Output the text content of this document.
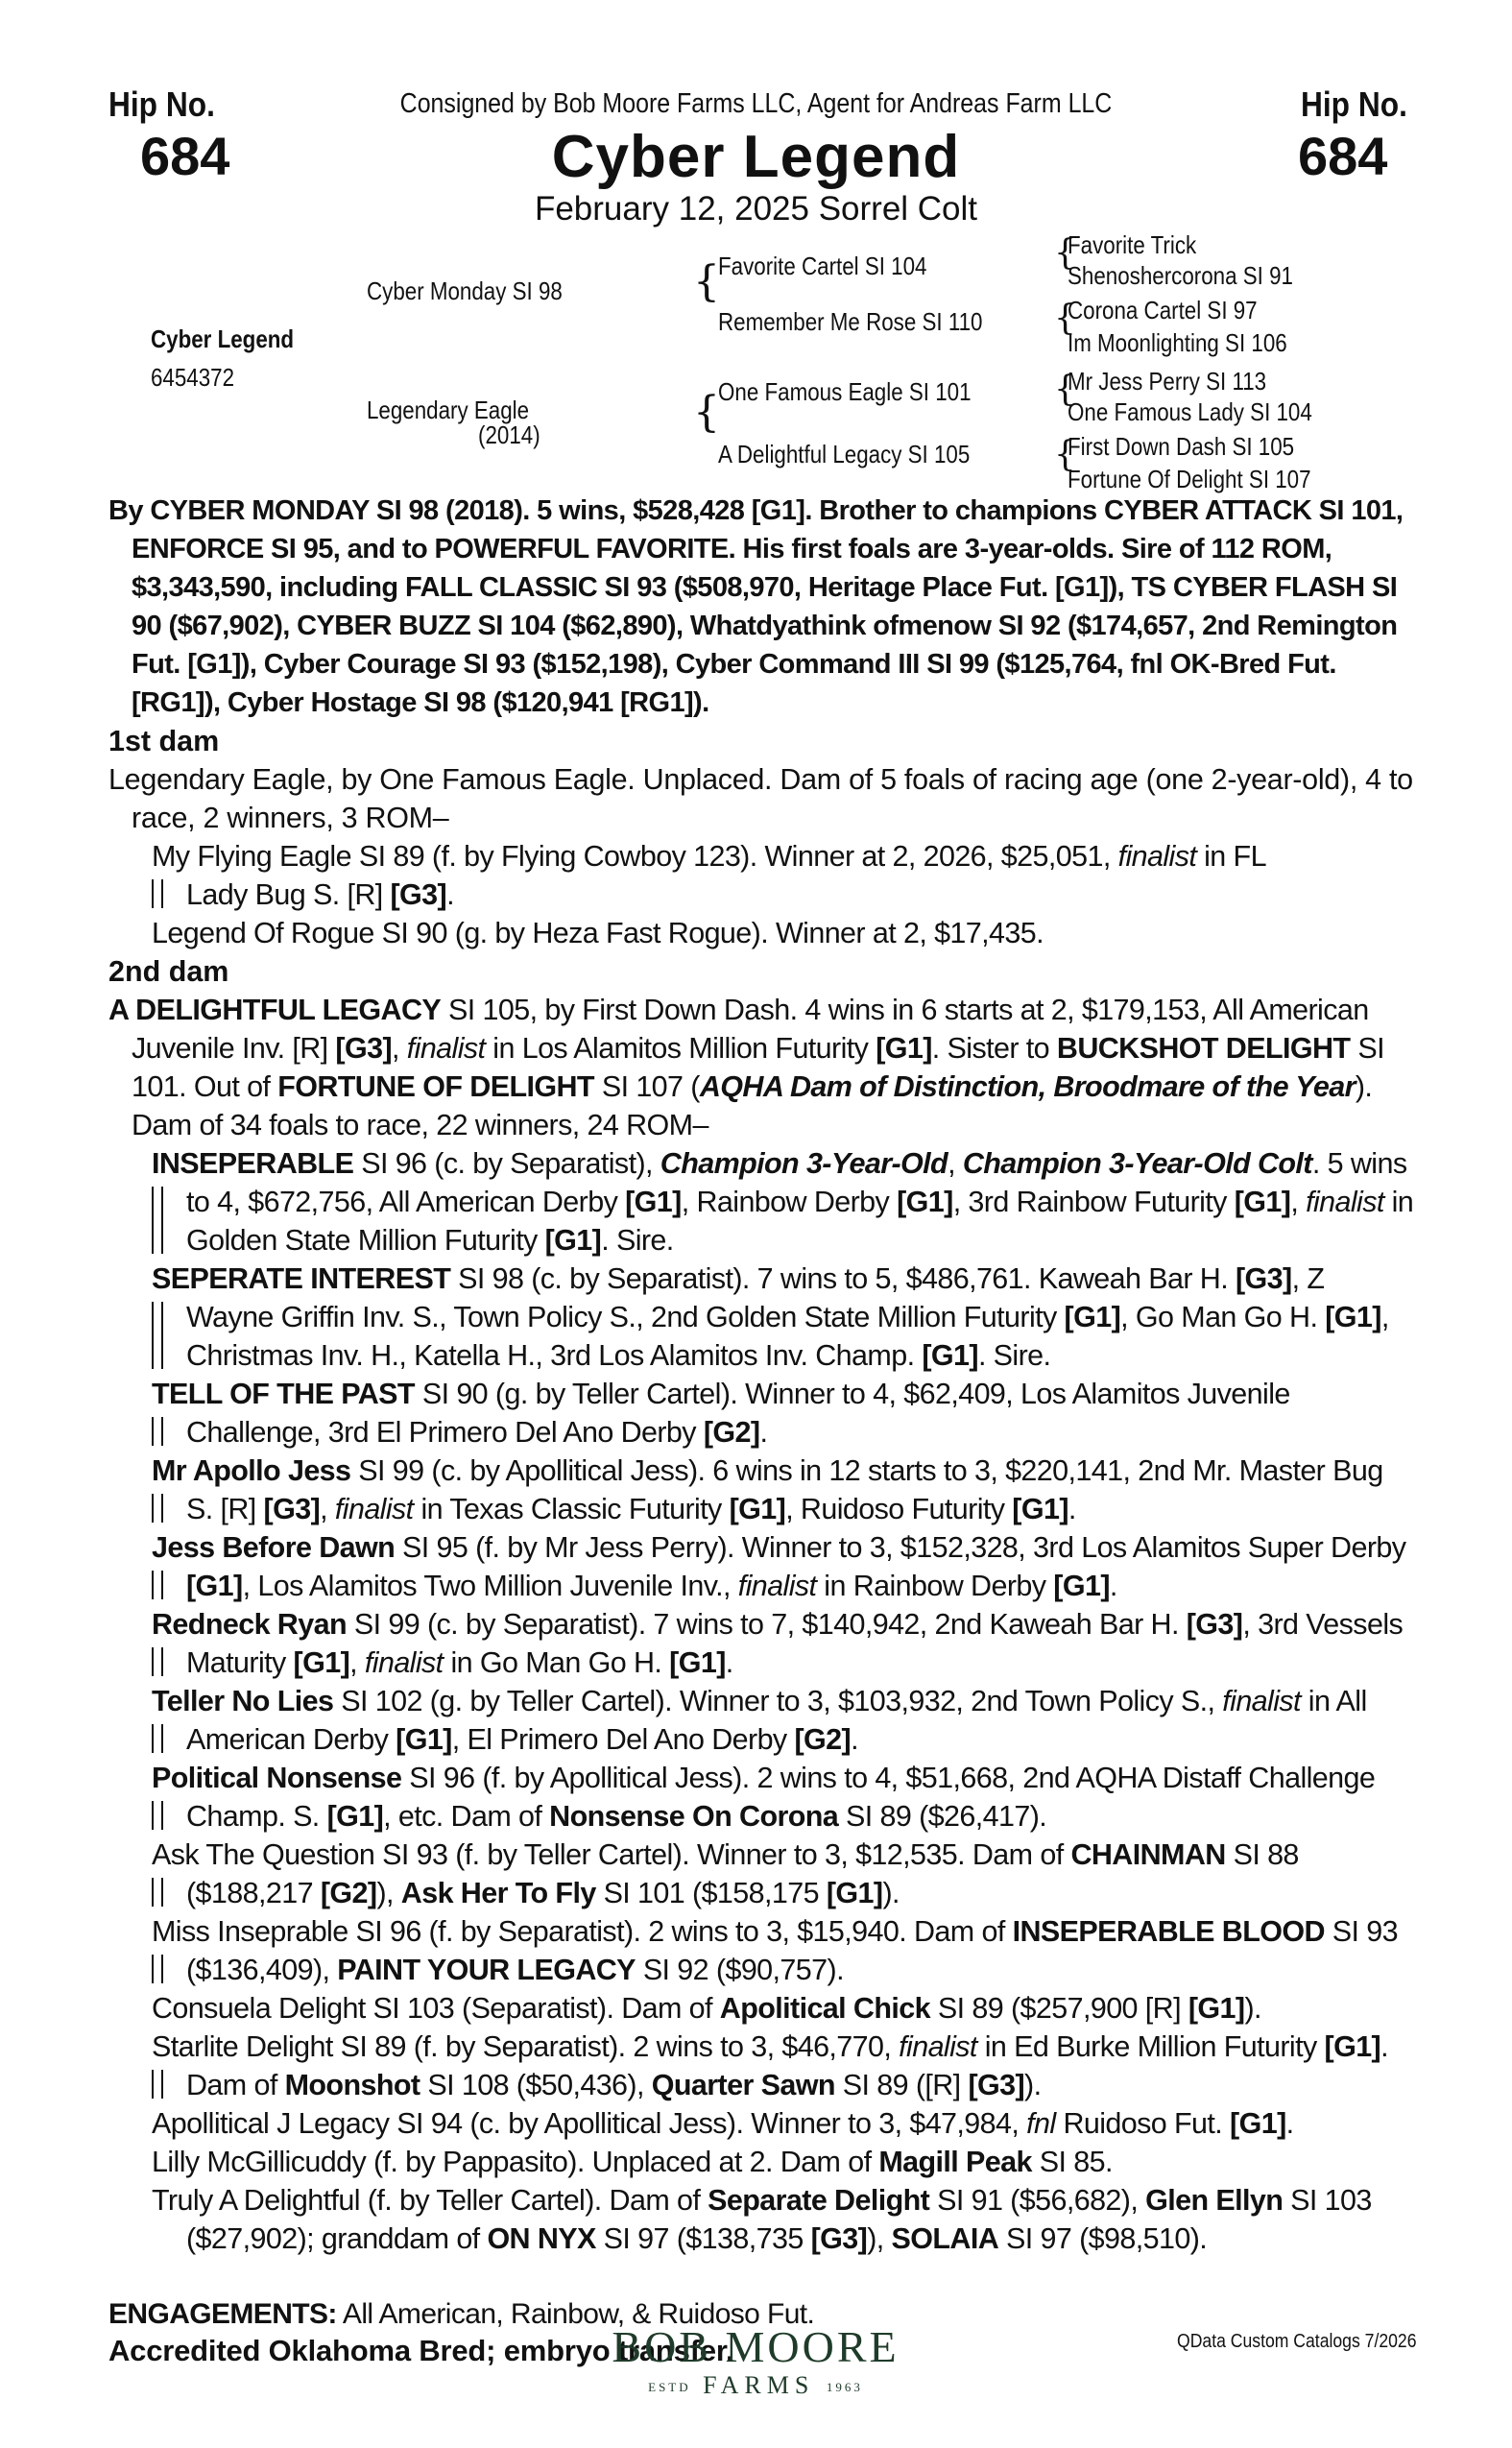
Hip No.
684
Hip No.
684
Consigned by Bob Moore Farms LLC, Agent for Andreas Farm LLC
Cyber Legend
February 12, 2025 Sorrel Colt
Cyber Legend
6454372
Cyber Monday SI 98
Legendary Eagle
(2014)
{
Favorite Cartel SI 104
Remember Me Rose SI 110
{
One Famous Eagle SI 101
A Delightful Legacy SI 105
{
Favorite Trick
Shenoshercorona SI 91
{
Corona Cartel SI 97
Im Moonlighting SI 106
{
Mr Jess Perry SI 113
One Famous Lady SI 104
{
First Down Dash SI 105
Fortune Of Delight SI 107

By CYBER MONDAY SI 98 (2018). 5 wins, $528,428 [G1]. Brother to champions CYBER ATTACK SI 101, ENFORCE SI 95, and to POWERFUL FAVORITE. His first foals are 3-year-olds. Sire of 112 ROM, $3,343,590, including FALL CLASSIC SI 93 ($508,970, Heritage Place Fut. [G1]), TS CYBER FLASH SI 90 ($67,902), CYBER BUZZ SI 104 ($62,890), Whatdyathink ofmenow SI 92 ($174,657, 2nd Remington Fut. [G1]), Cyber Courage SI 93 ($152,198), Cyber Command III SI 99 ($125,764, fnl OK-Bred Fut. [RG1]), Cyber Hostage SI 98 ($120,941 [RG1]).

1st dam

Legendary Eagle, by One Famous Eagle. Unplaced. Dam of 5 foals of racing age (one 2-year-old), 4 to race, 2 winners, 3 ROM–

My Flying Eagle SI 89 (f. by Flying Cowboy 123). Winner at 2, 2026, $25,051, finalist in FL
Lady Bug S. [R] [G3].
Legend Of Rogue SI 90 (g. by Heza Fast Rogue). Winner at 2, $17,435.

2nd dam

A DELIGHTFUL LEGACY SI 105, by First Down Dash. 4 wins in 6 starts at 2, $179,153, All American Juvenile Inv. [R] [G3], finalist in Los Alamitos Million Futurity [G1]. Sister to BUCKSHOT DELIGHT SI 101. Out of FORTUNE OF DELIGHT SI 107 (AQHA Dam of Distinction, Broodmare of the Year). Dam of 34 foals to race, 22 winners, 24 ROM–

INSEPERABLE SI 96 (c. by Separatist), Champion 3-Year-Old, Champion 3-Year-Old Colt. 5 wins to 4, $672,756, All American Derby [G1], Rainbow Derby [G1], 3rd Rainbow Futurity [G1], finalist in Golden State Million Futurity [G1]. Sire.
SEPERATE INTEREST SI 98 (c. by Separatist). 7 wins to 5, $486,761. Kaweah Bar H. [G3], Z Wayne Griffin Inv. S., Town Policy S., 2nd Golden State Million Futurity [G1], Go Man Go H. [G1], Christmas Inv. H., Katella H., 3rd Los Alamitos Inv. Champ. [G1]. Sire.
TELL OF THE PAST SI 90 (g. by Teller Cartel). Winner to 4, $62,409, Los Alamitos Juvenile Challenge, 3rd El Primero Del Ano Derby [G2].
Mr Apollo Jess SI 99 (c. by Apollitical Jess). 6 wins in 12 starts to 3, $220,141, 2nd Mr. Master Bug S. [R] [G3], finalist in Texas Classic Futurity [G1], Ruidoso Futurity [G1].
Jess Before Dawn SI 95 (f. by Mr Jess Perry). Winner to 3, $152,328, 3rd Los Alamitos Super Derby [G1], Los Alamitos Two Million Juvenile Inv., finalist in Rainbow Derby [G1].
Redneck Ryan SI 99 (c. by Separatist). 7 wins to 7, $140,942, 2nd Kaweah Bar H. [G3], 3rd Vessels Maturity [G1], finalist in Go Man Go H. [G1].
Teller No Lies SI 102 (g. by Teller Cartel). Winner to 3, $103,932, 2nd Town Policy S., finalist in All American Derby [G1], El Primero Del Ano Derby [G2].
Political Nonsense SI 96 (f. by Apollitical Jess). 2 wins to 4, $51,668, 2nd AQHA Distaff Challenge Champ. S. [G1], etc. Dam of Nonsense On Corona SI 89 ($26,417).
Ask The Question SI 93 (f. by Teller Cartel). Winner to 3, $12,535. Dam of CHAINMAN SI 88 ($188,217 [G2]), Ask Her To Fly SI 101 ($158,175 [G1]).
Miss Inseprable SI 96 (f. by Separatist). 2 wins to 3, $15,940. Dam of INSEPERABLE BLOOD SI 93 ($136,409), PAINT YOUR LEGACY SI 92 ($90,757).
Consuela Delight SI 103 (Separatist). Dam of Apolitical Chick SI 89 ($257,900 [R] [G1]).
Starlite Delight SI 89 (f. by Separatist). 2 wins to 3, $46,770, finalist in Ed Burke Million Futurity [G1]. Dam of Moonshot SI 108 ($50,436), Quarter Sawn SI 89 ([R] [G3]).
Apollitical J Legacy SI 94 (c. by Apollitical Jess). Winner to 3, $47,984, fnl Ruidoso Fut. [G1].
Lilly McGillicuddy (f. by Pappasito). Unplaced at 2. Dam of Magill Peak SI 85.
Truly A Delightful (f. by Teller Cartel). Dam of Separate Delight SI 91 ($56,682), Glen Ellyn SI 103 ($27,902); granddam of ON NYX SI 97 ($138,735 [G3]), SOLAIA SI 97 ($98,510).

ENGAGEMENTS: All American, Rainbow, & Ruidoso Fut.

Accredited Oklahoma Bred; embryo transfer.

BOB MOORE
ESTD FARMS 1963
QData Custom Catalogs 7/2026
